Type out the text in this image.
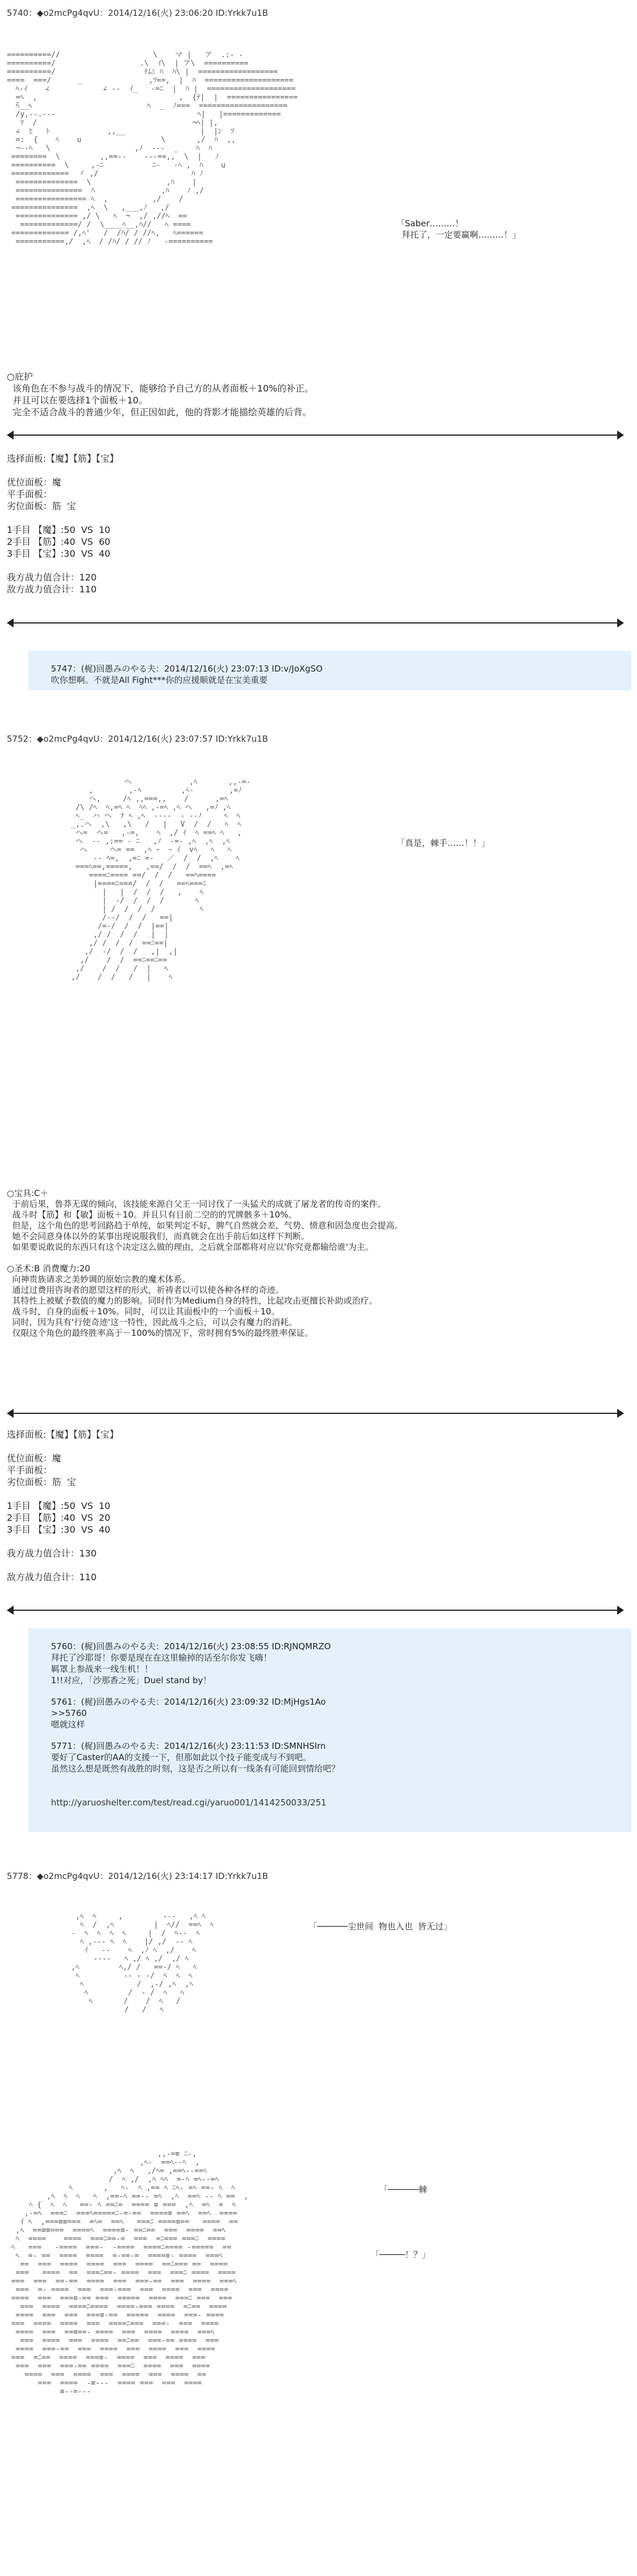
5740：◆o2mcPg4qvU：2014/12/16(火) 23:06:20 ID:Yrkk7u1B
==========//                     \    マ |   ア  .:‐ -
==========/                   .\  ｲ\  | ア\  ==========
==========/                    ﾃﾑﾐ ﾊ  ﾊ\ |  ==================
====  ===/      _               ,ﾂ==,  |  ﾊ  ====================
ﾍ-ｲ    ∠            ∠ ‐-  ｲ_   -=ﾆ  |  ﾊ |  ====================
=ﾍ  ,                                ,  {ﾃ|  |  ================
̄ﾍ__ﾍ                          ﾍ  _  ﾉ===  ====================
/y,--.--‐                                ﾍ|   |=============
ﾏ  /                                   ¬ﾍ| |,
∠  ﾋ   ﾄ             ,,__                 |  |ﾝ  ﾂ
=:  {    ﾍ    u                  \       ,/  ﾊ  ,,
¬-‐ﾍ   \                   ,ﾉ  ‐‐-  _    ﾊ  ﾊ
========  \         ,,==‐‐    ‐-‐==,,  \  |   ﾉ
==========  \     ,‐ﾆ           ﾆ‐   ‐ﾍ ,  ﾊ    u
=============  ヾ ,/                     ﾊ ﾉ
==============  \                 ,ﾊ    |
===============  ﾊ               ,ﾊ    ﾉ ,/
================ ﾍ  ,          ,/    /
===============  ,ﾍ  \   ,___,ﾉ   ,/
============== ,/ \   ﾍ  ¬  ,/ ,//ﾍ  ==
=============/ /  \____ﾊ__,ﾊ//   ﾍ ====
============= /,ﾍ'   /  /ﾊ/ / //ﾍ,   ﾍ======
===========,/  ,ﾍ  / /ﾊ/ / // ﾉ   ‐==========

「Saber………！
拜托了，一定要赢啊………！」
○庇护
该角色在不参与战斗的情况下，能够给予自己方的从者面板＋10%的补正。
并且可以在要选择1个面板＋10。
完全不适合战斗的普通少年，但正因如此，他的背影才能描绘英雄的后背。
选择面板:【魔】【筋】【宝】

优位面板：魔
平手面板：
劣位面板：筋  宝

1手目 【魔】:50  VS  10
2手目 【筋】:40  VS  60
3手目 【宝】:30  VS  40

我方战力值合计：120
敌方战力值合计：110
5747：(梶)回愚みのやる夫：2014/12/16(火) 23:07:13 ID:v/JoXgSO
吹你想啊。不就是All Fight***你的应援顺就是在宝美重要
5752：◆o2mcPg4qvU：2014/12/16(火) 23:07:57 ID:Yrkk7u1B
ヘ             ,ﾍ       ,,‐=‐
,        ,‐ﾍ         ,ﾍ‐        ,=ﾉ
ヘ,     /ﾍ ,,===,,    /      ,=ﾍ
/\ /ﾍ  ﾍ,=ﾍ ﾍ  ﾍﾍ ,‐=ﾍ ,ﾍ ヘ   ,=ﾉ ,ﾍ
ﾍ_  ハ ヘ  ﾅ ﾍ ,ﾍ  ‐--‐  ‐ ‐-ﾉ     ﾍ  ﾍ
_,.ヘ  ,\   ,\   /   |   V  /  /   ﾍ  ﾍ
ヘ=  ヘ=   ,‐=,    ﾍ  ,/ ｲ  ﾍ ==ﾍ ﾍ   ,
ヘ  ‐‐ ,:== ‐ ﾆ   ,ﾉ  ‐=‐ ,ﾍ  ,ﾍ  ,ﾍ
ヘ     ヘ= ==  ,ﾍ ｰ  ｰ ｲ  vﾍ   ﾍ   ﾍ
‐‐ ﾍ=,  ,=ﾆ =‐   ／  /  /  ,ﾍ    ﾍ
===ﾍ==,=====,   ,==/  /  /  ==ﾍ  ,=ﾍ
====ﾆ==== ==/  /  /   ==ﾍ====
|====ﾆ===/  /  /   ==ﾍ===ﾆ
|   |  /  /  /   ,    ﾍ
|  ‐/  /  /  /       ﾍ
| /  /  /  /          ﾍ
/‐‐/  /  /   ==|
/=‐/  /  /  |==|
,/ /  /  /   |  |
,/ /  /  /  ==ﾆ==|
,/  ‐/  /  /   ,|  ,|
,/    /  /  ==ﾆ==ﾆ==
,/    /  /   /  |   ﾍ
,/    /  /   /   |    ﾍ

「真是，棘手……！！」
○宝具:C＋
于前后果，鲁莽无谋的倾向，该技能来源自父王一同讨伐了一头猛犬的成就了屠龙者的传奇的案件。
战斗时【筋】和【敏】面板＋10。并且只有目前二空的的咒牌骸多＋10%。
但是，这个角色的思考回路趋于单纯，如果判定不好，脾气自然就会差，气势、愤意和固急度也会提高。
她不会同意身体以外的某事出现说服我们，而真就会在出手前后如这样下判断。
如果要说敢说的东西只有这个决定这么做的理由，之后就全部都将对应以'你究竟都输给谁'为主。

○圣术:B 消费魔力:20
向神贵族请求之美妙调的原始宗教的魔术体系。
通过过费用咨询者的愿望这样的形式，祈祷者以可以使各种各样的奇迹。
其特性上被赋予数值的魔力的影响。同时作为Medium自身的特性，比起攻击更擅长补助或治疗。
战斗时，自身的面板＋10%。同时，可以让其面板中的一个面板＋10。
同时，因为具有'行使奇迹'这一特性，因此战斗之后，可以会有魔力的消耗。
仅限这个角色的最终胜率高于－100%的情况下，常时拥有5%的最终胜率保证。
选择面板:【魔】【筋】【宝】

优位面板：魔
平手面板：
劣位面板：筋  宝

1手目 【魔】:50  VS  10
2手目 【筋】:40  VS  20
3手目 【宝】:30  VS  40

我方战力值合计：130

敌方战力值合计：110
5760：(梶)回愚みのやる夫：2014/12/16(火) 23:08:55 ID:RJNQMRZO
拜托了沙耶哥！你要是现在在这里输掉的话至尔你发飞嗨！
羁罩上参战来一线生机！！
1!!对应，「沙那香之死」Duel stand by！
5761：(梶)回愚みのやる夫：2014/12/16(火) 23:09:32 ID:MjHgs1Ao
>>5760
嗯就这样
5771：(梶)回愚みのやる夫：2014/12/16(火) 23:11:53 ID:SMNHSIrn
要好了Caster的AA的支援一下，但那如此以个技子能变成与不到吧。
虽然这么想是既然有战胜的时刻，这是否之所以有一线条有可能回到情给吧？
http://yaruoshelter.com/test/read.cgi/yaruo001/1414250033/251
5778：◆o2mcPg4qvU：2014/12/16(火) 23:14:17 ID:Yrkk7u1B
,ﾍ  ﾍ     ,         ‐‐‐   ,ﾍ ﾍ
ﾍ  /  ,ﾍ         |  ﾍ//  ==ﾍ  ﾍ
‐  ﾍ  ﾍ  ﾍ  ﾍ     |  /  ﾍ‐‐  ﾍ
ﾍ ,‐‐‐ ﾍ  ﾍ    |/ ,/  ‐‐ ﾍ
ｲ   ‐‐    ﾍ  ,ﾉ ﾍ  ,/    ﾍ
‐‐‐‐   ﾍ ,/ ﾍ ,/  ,/ ﾍ
,ﾍ         ﾍ,/ /   ==‐/ ﾍ   ﾍ
ﾍ          ‐‐ ‐ ‐/  ﾍ  ﾍ  ﾍ
ﾍ            /  ,‐/ ,ﾍ  ,ﾍ
ﾍ         /  ‐ /  ﾍ   ﾍ
ﾍ       /    /  ﾍ   /
/   /   ﾍ

「──────尘世间  物也入也  皆无过」
,,‐=≡ ﾆ‐,
,ﾍ‐  ==ﾍ‐‐ﾍ  ,
,ﾍ  ﾍ   ,/ﾍ= ,==ﾍ‐‐==ﾍ
/  ﾍ ,/  ,ﾍ ﾍﾍ  =‐ﾍ =ﾍ‐‐=ﾍ
ﾍ       ,   ﾍ‐  ﾍ ,== ﾍ ﾆﾍ‐ =ﾍ ==‐ ﾍ  ﾍ
,ﾍ  ﾍ  ﾍ   ﾍ  ,==‐ﾍ ==‐‐ =ﾍ  ,ﾍ  ==ﾍ ‐‐ ﾍ ==  ,
ﾍ {  ﾍ  ﾍ   ==‐ ﾍ ==ﾆ=  ==== ≡ ===  ,ﾍ  =ﾍ  =  ﾍ
,‐=ﾍ  ===ﾆ  ===ﾍ=====ﾆ‐=‐==  ====≡ ==ﾍ  ==ﾍ  ====
ｲ ﾍ  ,===≡≡===  =ﾍ=  ==ﾍ   ===ﾆ ====≡==   ====  ==
,ﾍ  ==≡≡===  ====ﾍ  ====≡‐ ==ﾆ==  ===  ====  ==ﾍ
ﾍ  ====    ====  ===ﾆ==‐=  ===  =ﾆ=== ===ﾆ  ====
ﾍ   ===   ‐====  ===‐  ‐====  ====ﾆ==== ‐=====  ==
ﾍ  =‐ ==  ====  ====  =‐==‐=  ====≡‐ ====  ===ﾍ
==  ===  ====  ====  ===  ====  ==ﾆ=== ==  ====
===   ====  ==  ===ﾆ==‐ ====  ===  ===ﾆ ====  ====
===  ===  ==‐==  ====  ===  ===‐==  ===  ====  ===ﾍ
===  =‐ ====  ===  ===‐===  ===  ====  ===  ====
====  ===  ===≡‐== ===  =====  ====  ===ﾆ ===  ===
===  ====  ====ﾆ====  ====‐=== ====  =ﾆ==  ====
====  ===  ===  ===≡‐==  =====  ====  ===‐ ====
===  ====  ====  ===  ====ﾆ===  ===‐  ===  ====
====  ===  ==≡==‐ ====  ===  ====  ====  ===ﾍ
===  ====  ===  ====  ==ﾆ==  ===‐== ====  ===
====  ===‐==  ===  ====  ===  ====  ===  ====
===  =ﾆ==  ====  ===≡‐  ====  ===  ====  ===
===  ===  ===‐== ====  ===ﾆ  ====  ===  ====
====  ===  ====  ===  ====  ===  ====  ==
===  ====  ‐≡‐‐‐  ==== ===  ===  ====
≡‐‐=‐‐‐

「──────棘
「─────！？」
